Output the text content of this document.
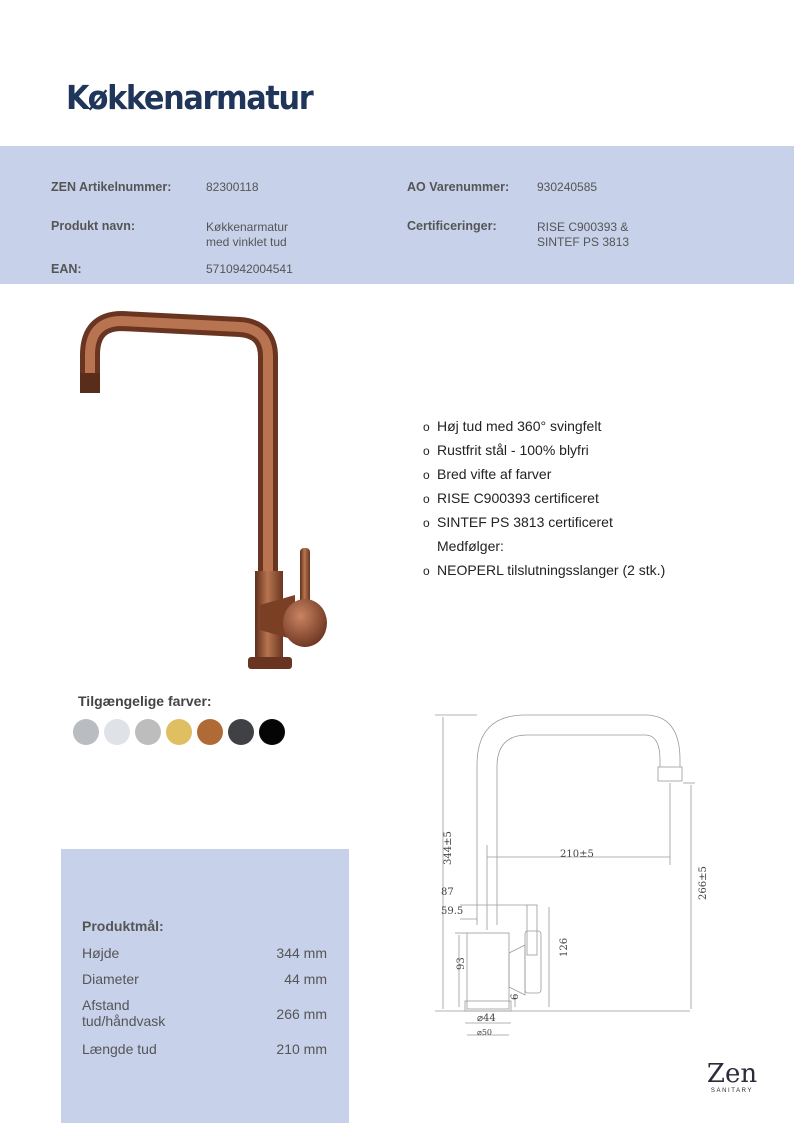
Køkkenarmatur
ZEN Artikelnummer:	82300118	AO Varenummer: 930240585
Produkt navn:	Køkkenarmatur
med vinklet tud
Certificeringer:	RISE C900393 &
SINTEF PS 3813
EAN:	5710942004541
o Høj tud med 360° svingfelt
o Rustfrit stål - 100% blyfri
o Bred vifte af farver
o RISE C900393 certificeret
o SINTEF PS 3813 certificeret
Medfølger:
o NEOPERL tilslutningsslanger (2 stk.)
Tilgængelige farver:
344±5	210±5
266±5
87
59.5
93
126
6
⌀44
⌀50
Produktmål:
Højde	344 mm
Diameter	44 mm
Afstand
tud/håndvask	266 mm
Længde tud	210 mm
Zen
SANITARY
